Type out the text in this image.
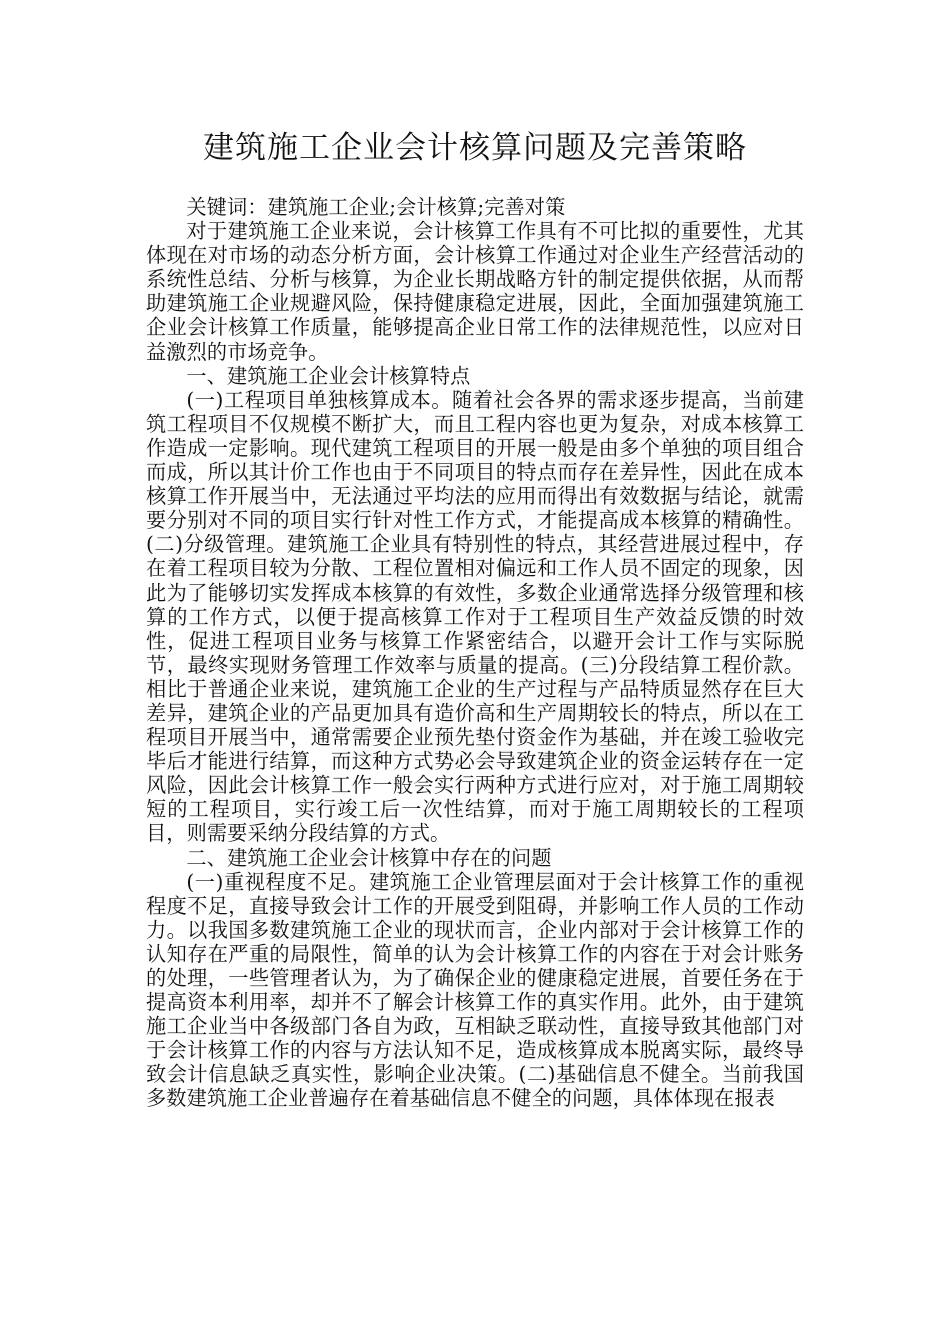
建筑施工企业会计核算问题及完善策略

关键词：建筑施工企业;会计核算;完善对策

对于建筑施工企业来说，会计核算工作具有不可比拟的重要性，尤其体现在对市场的动态分析方面，会计核算工作通过对企业生产经营活动的系统性总结、分析与核算，为企业长期战略方针的制定提供依据，从而帮助建筑施工企业规避风险，保持健康稳定进展，因此，全面加强建筑施工企业会计核算工作质量，能够提高企业日常工作的法律规范性，以应对日益激烈的市场竞争。

一、建筑施工企业会计核算特点

(一)工程项目单独核算成本。随着社会各界的需求逐步提高，当前建筑工程项目不仅规模不断扩大，而且工程内容也更为复杂，对成本核算工作造成一定影响。现代建筑工程项目的开展一般是由多个单独的项目组合而成，所以其计价工作也由于不同项目的特点而存在差异性，因此在成本核算工作开展当中，无法通过平均法的应用而得出有效数据与结论，就需要分别对不同的项目实行针对性工作方式，才能提高成本核算的精确性。(二)分级管理。建筑施工企业具有特别性的特点，其经营进展过程中，存在着工程项目较为分散、工程位置相对偏远和工作人员不固定的现象，因此为了能够切实发挥成本核算的有效性，多数企业通常选择分级管理和核算的工作方式，以便于提高核算工作对于工程项目生产效益反馈的时效性，促进工程项目业务与核算工作紧密结合，以避开会计工作与实际脱节，最终实现财务管理工作效率与质量的提高。(三)分段结算工程价款。相比于普通企业来说，建筑施工企业的生产过程与产品特质显然存在巨大差异，建筑企业的产品更加具有造价高和生产周期较长的特点，所以在工程项目开展当中，通常需要企业预先垫付资金作为基础，并在竣工验收完毕后才能进行结算，而这种方式势必会导致建筑企业的资金运转存在一定风险，因此会计核算工作一般会实行两种方式进行应对，对于施工周期较短的工程项目，实行竣工后一次性结算，而对于施工周期较长的工程项目，则需要采纳分段结算的方式。

二、建筑施工企业会计核算中存在的问题

(一)重视程度不足。建筑施工企业管理层面对于会计核算工作的重视程度不足，直接导致会计工作的开展受到阻碍，并影响工作人员的工作动力。以我国多数建筑施工企业的现状而言，企业内部对于会计核算工作的认知存在严重的局限性，简单的认为会计核算工作的内容在于对会计账务的处理，一些管理者认为，为了确保企业的健康稳定进展，首要任务在于提高资本利用率，却并不了解会计核算工作的真实作用。此外，由于建筑施工企业当中各级部门各自为政，互相缺乏联动性，直接导致其他部门对于会计核算工作的内容与方法认知不足，造成核算成本脱离实际，最终导致会计信息缺乏真实性，影响企业决策。(二)基础信息不健全。当前我国多数建筑施工企业普遍存在着基础信息不健全的问题，具体体现在报表
